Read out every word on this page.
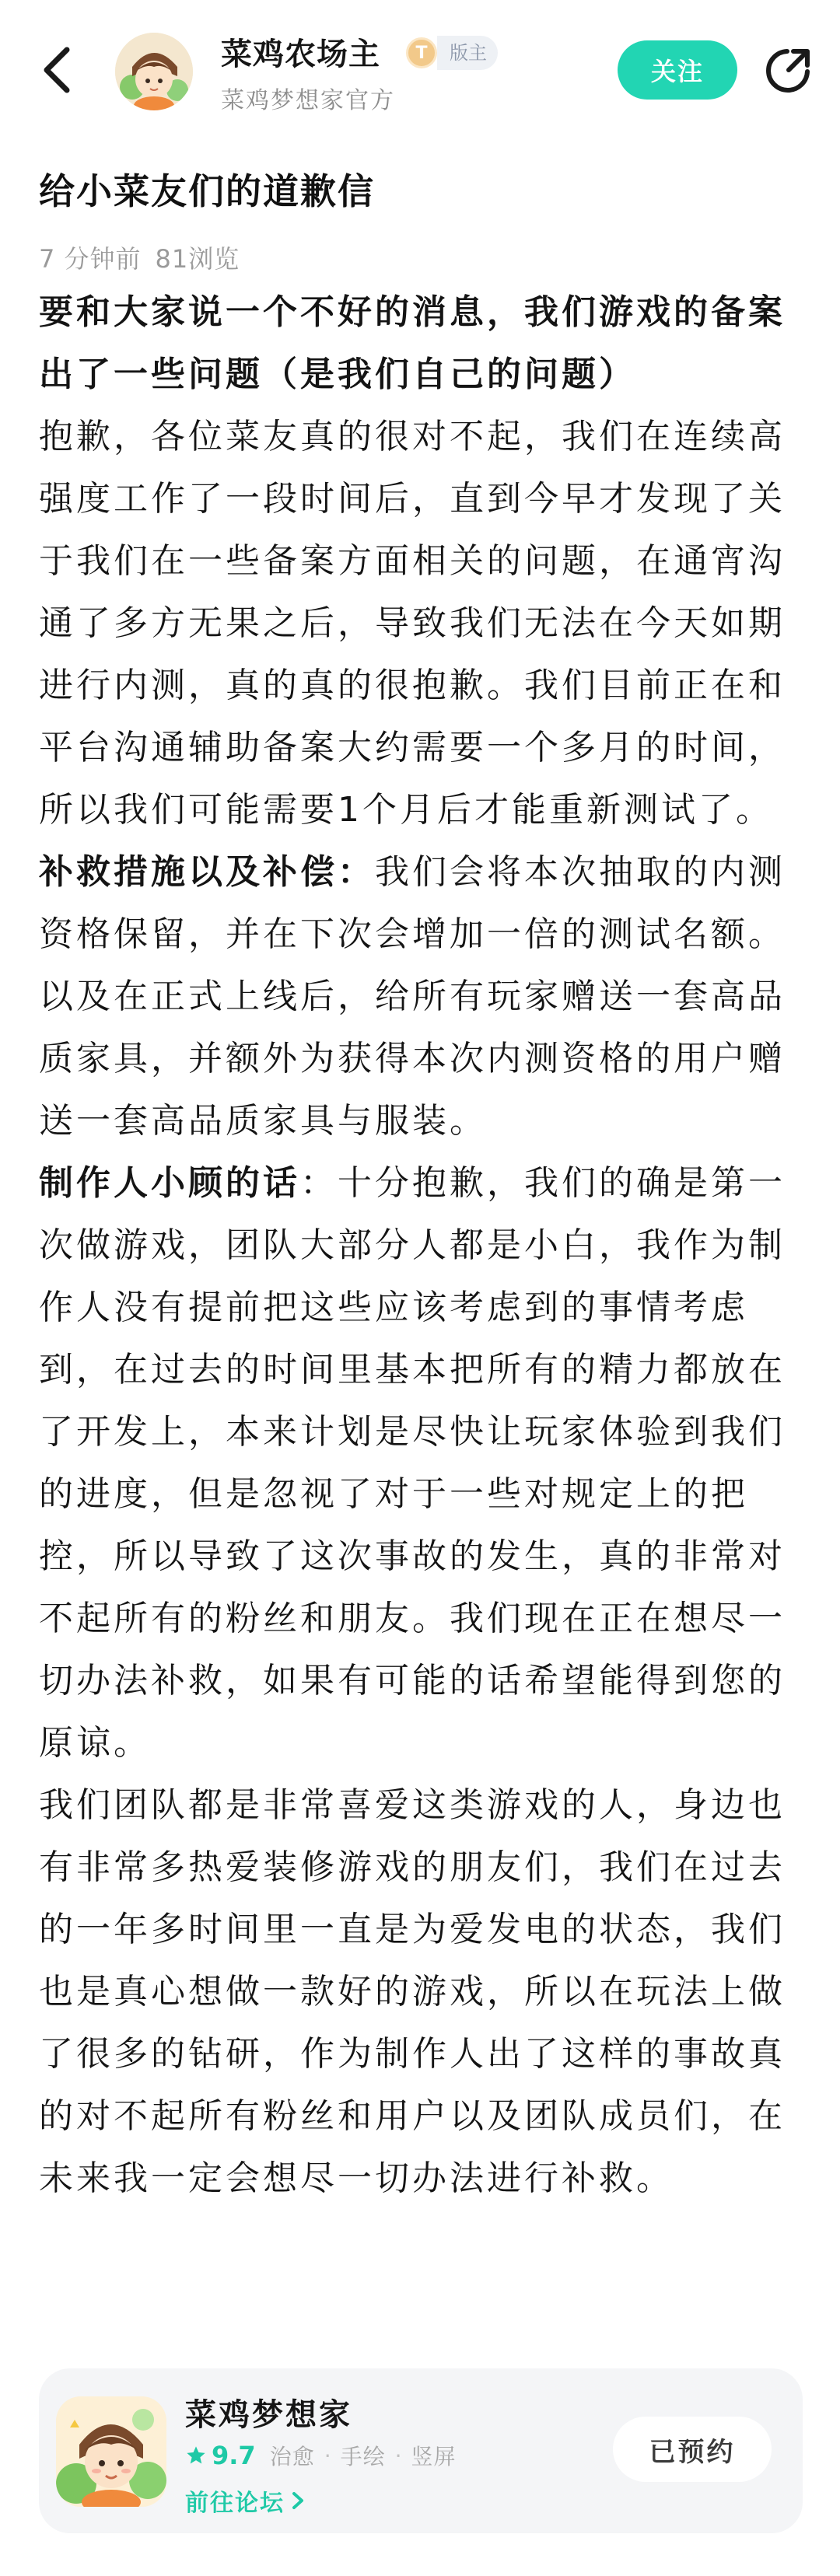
菜鸡农场主	T	版主
菜鸡梦想家官方
关注
给小菜友们的道歉信
7 分钟前 81浏览

要和大家说一个不好的消息，我们游戏的备案出了一些问题（是我们自己的问题）

抱歉，各位菜友真的很对不起，我们在连续高强度工作了一段时间后，直到今早才发现了关于我们在一些备案方面相关的问题，在通宵沟通了多方无果之后，导致我们无法在今天如期进行内测，真的真的很抱歉。我们目前正在和平台沟通辅助备案大约需要一个多月的时间，所以我们可能需要1个月后才能重新测试了。

补救措施以及补偿：我们会将本次抽取的内测资格保留，并在下次会增加一倍的测试名额。以及在正式上线后，给所有玩家赠送一套高品质家具，并额外为获得本次内测资格的用户赠送一套高品质家具与服装。

制作人小顾的话：十分抱歉，我们的确是第一次做游戏，团队大部分人都是小白，我作为制作人没有提前把这些应该考虑到的事情考虑到，在过去的时间里基本把所有的精力都放在了开发上，本来计划是尽快让玩家体验到我们的进度，但是忽视了对于一些对规定上的把控，所以导致了这次事故的发生，真的非常对不起所有的粉丝和朋友。我们现在正在想尽一切办法补救，如果有可能的话希望能得到您的原谅。

我们团队都是非常喜爱这类游戏的人，身边也有非常多热爱装修游戏的朋友们，我们在过去的一年多时间里一直是为爱发电的状态，我们也是真心想做一款好的游戏，所以在玩法上做了很多的钻研，作为制作人出了这样的事故真的对不起所有粉丝和用户以及团队成员们，在未来我一定会想尽一切办法进行补救。

菜鸡梦想家
9.7 治愈 · 手绘 · 竖屏
前往论坛
已预约
